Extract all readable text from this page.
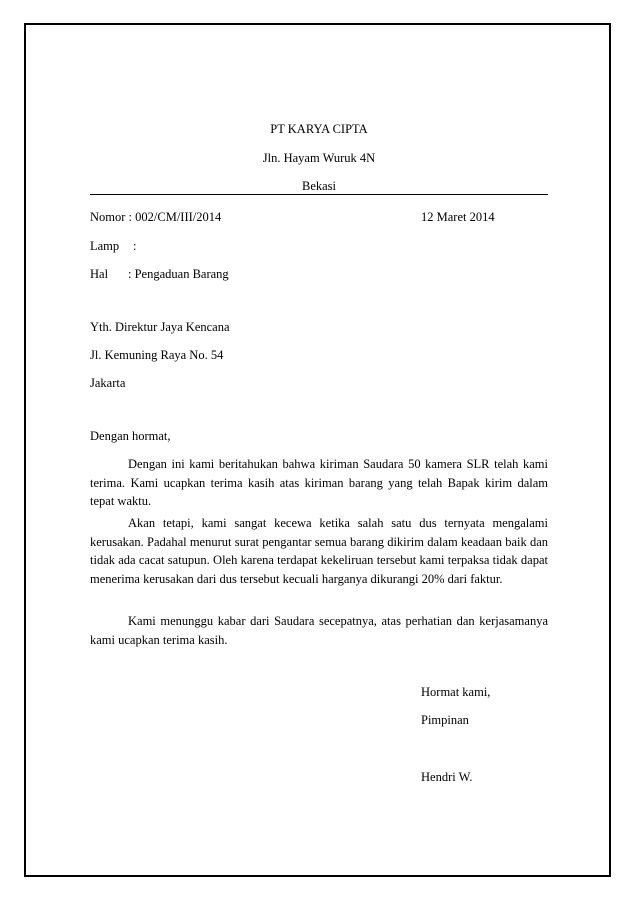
PT KARYA CIPTA
Jln. Hayam Wuruk 4N
Bekasi
Nomor : 002/CM/III/2014	12 Maret 2014
Lamp :
Hal : Pengaduan Barang
Yth. Direktur Jaya Kencana
Jl. Kemuning Raya No. 54
Jakarta
Dengan hormat,
Dengan ini kami beritahukan bahwa kiriman Saudara 50 kamera SLR telah kami terima. Kami ucapkan terima kasih atas kiriman barang yang telah Bapak kirim dalam tepat waktu.
Akan tetapi, kami sangat kecewa ketika salah satu dus ternyata mengalami kerusakan. Padahal menurut surat pengantar semua barang dikirim dalam keadaan baik dan tidak ada cacat satupun. Oleh karena terdapat kekeliruan tersebut kami terpaksa tidak dapat menerima kerusakan dari dus tersebut kecuali harganya dikurangi 20% dari faktur.
Kami menunggu kabar dari Saudara secepatnya, atas perhatian dan kerjasamanya kami ucapkan terima kasih.
Hormat kami,
Pimpinan
Hendri W.
